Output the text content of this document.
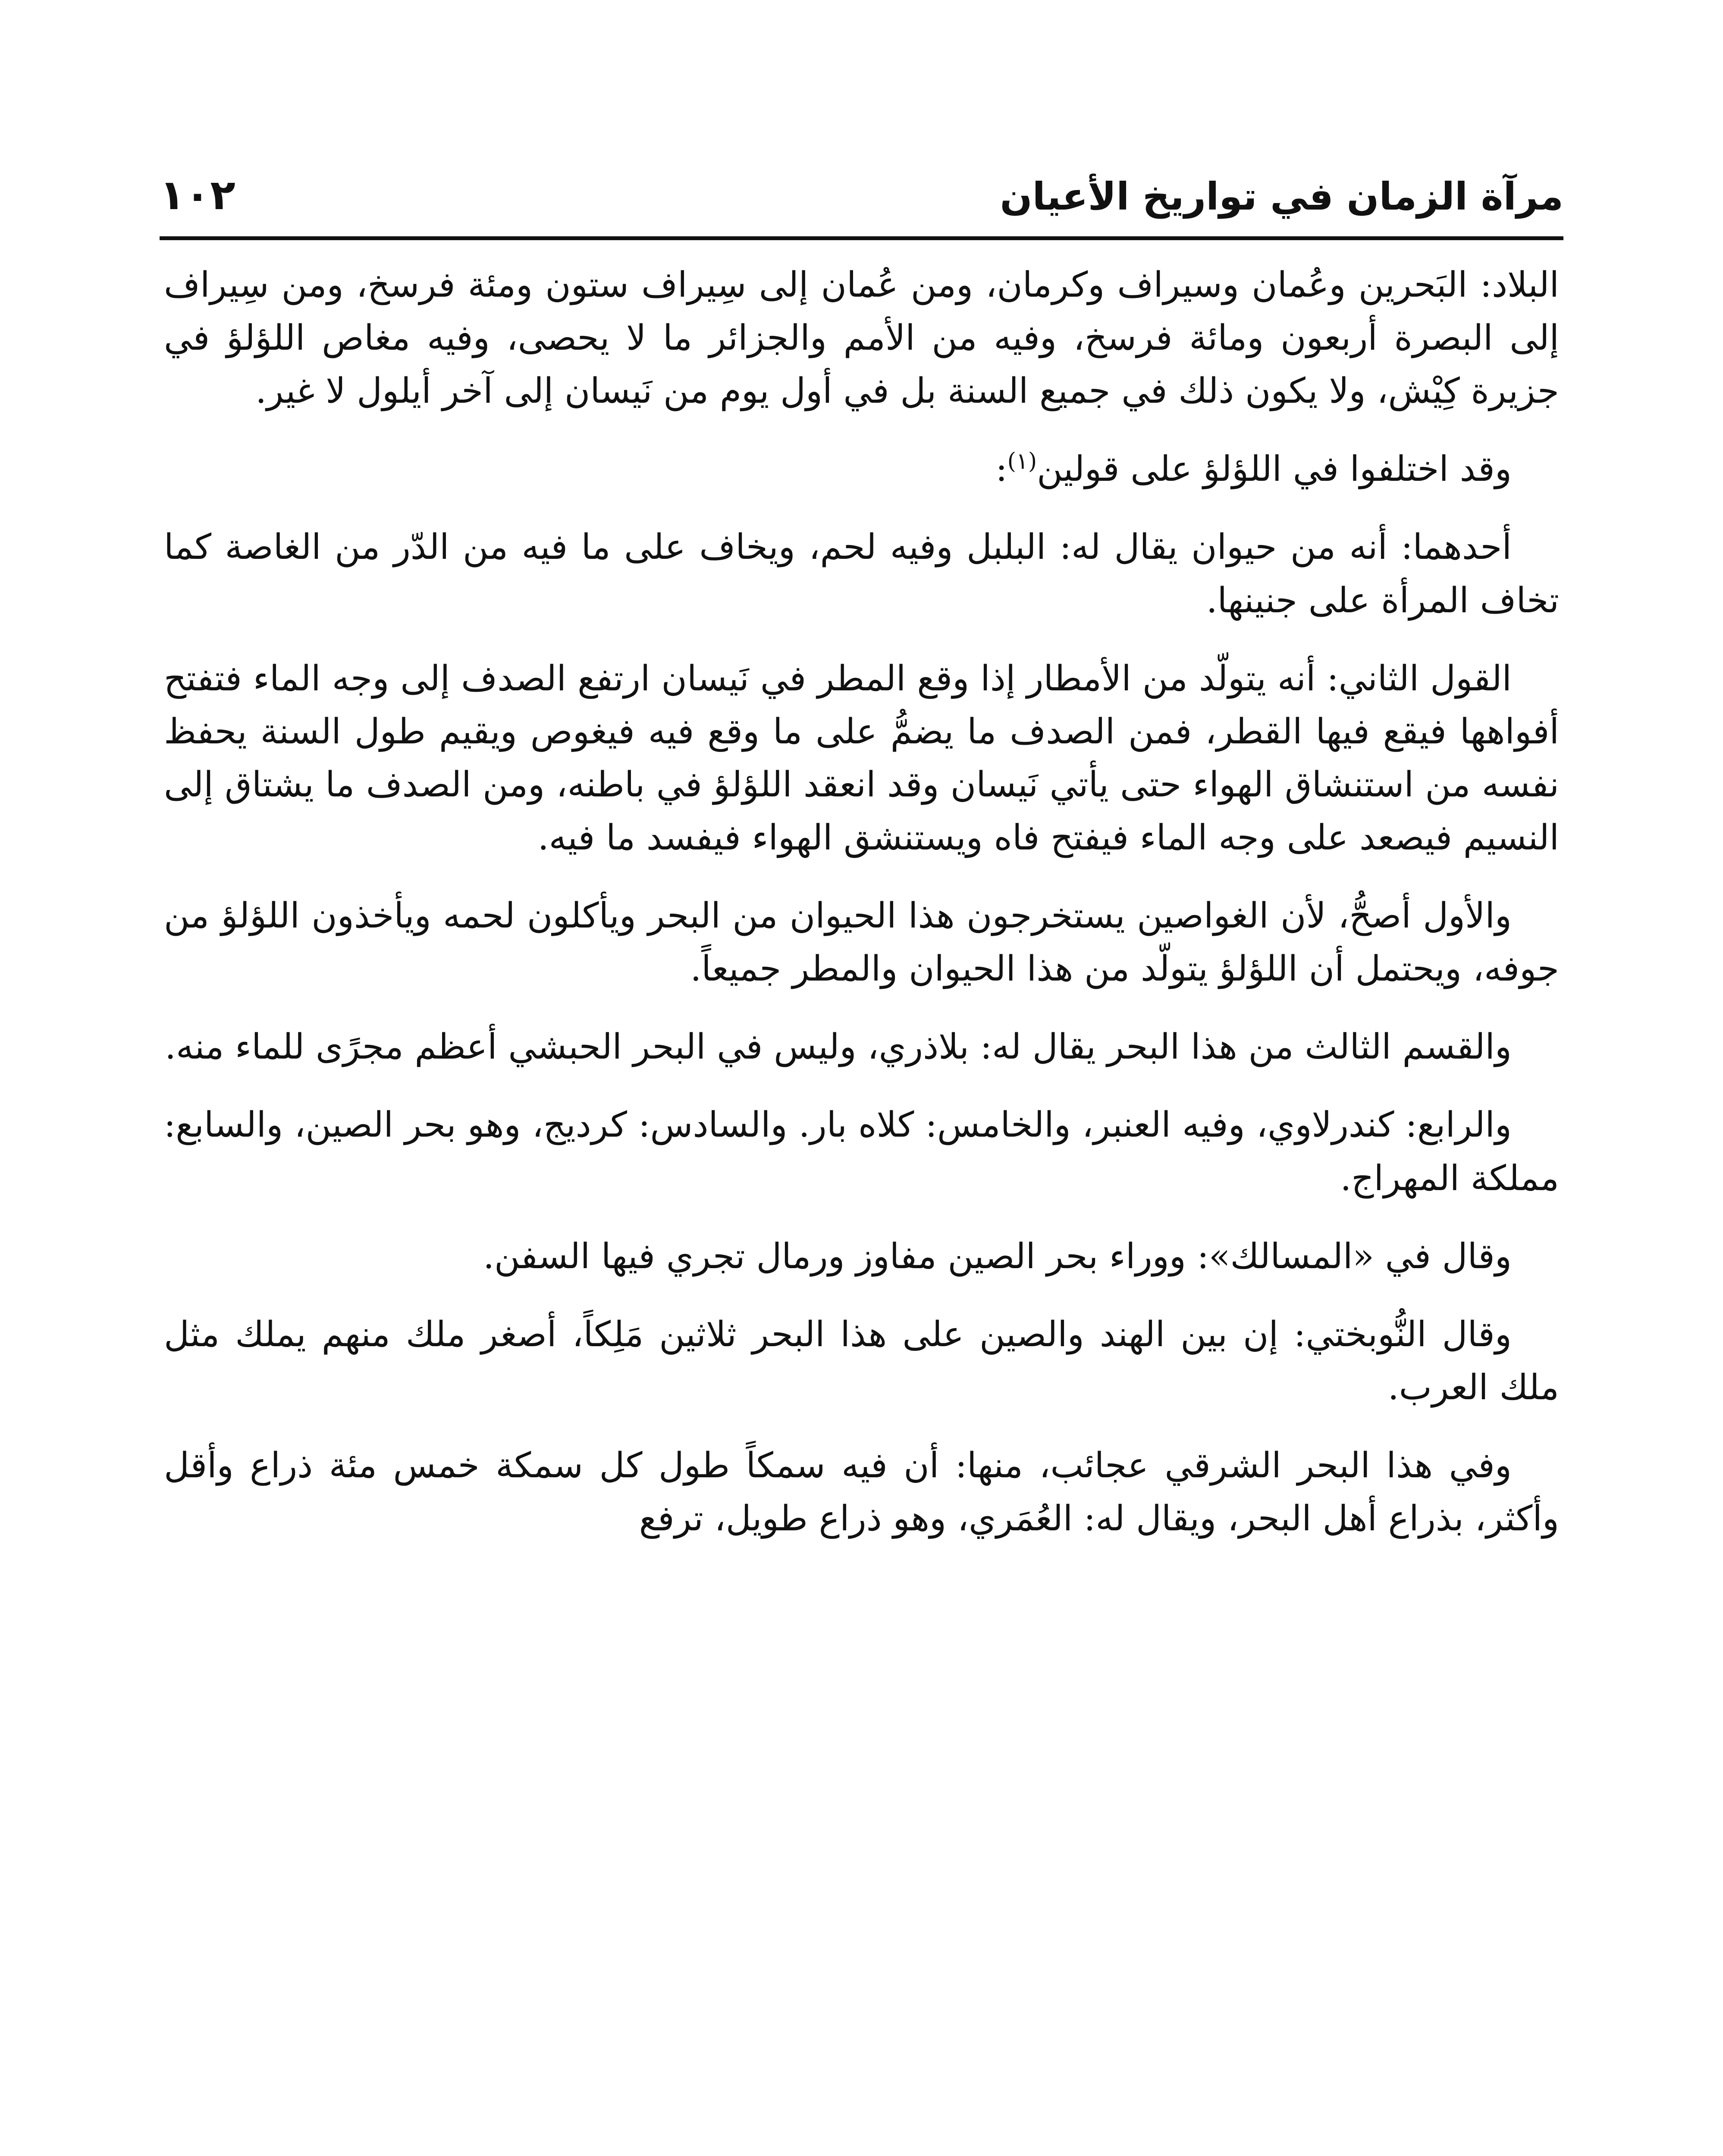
مرآة الزمان في تواريخ الأعيان
١٠٢

البلاد: البَحرين وعُمان وسيراف وكرمان، ومن عُمان إلى سِيراف ستون ومئة فرسخ، ومن سِيراف إلى البصرة أربعون ومائة فرسخ، وفيه من الأمم والجزائر ما لا يحصى، وفيه مغاص اللؤلؤ في جزيرة كِيْش، ولا يكون ذلك في جميع السنة بل في أول يوم من نَيسان إلى آخر أيلول لا غير.

وقد اختلفوا في اللؤلؤ على قولين$^{(١)}$:

أحدهما: أنه من حيوان يقال له: البلبل وفيه لحم، ويخاف على ما فيه من الدّر من الغاصة كما تخاف المرأة على جنينها.

القول الثاني: أنه يتولّد من الأمطار إذا وقع المطر في نَيسان ارتفع الصدف إلى وجه الماء فتفتح أفواهها فيقع فيها القطر، فمن الصدف ما يضمُّ على ما وقع فيه فيغوص ويقيم طول السنة يحفظ نفسه من استنشاق الهواء حتى يأتي نَيسان وقد انعقد اللؤلؤ في باطنه، ومن الصدف ما يشتاق إلى النسيم فيصعد على وجه الماء فيفتح فاه ويستنشق الهواء فيفسد ما فيه.

والأول أصحُّ، لأن الغواصين يستخرجون هذا الحيوان من البحر ويأكلون لحمه ويأخذون اللؤلؤ من جوفه، ويحتمل أن اللؤلؤ يتولّد من هذا الحيوان والمطر جميعاً.

والقسم الثالث من هذا البحر يقال له: بلاذري، وليس في البحر الحبشي أعظم مجرًى للماء منه.

والرابع: كندرلاوي، وفيه العنبر، والخامس: كلاه بار. والسادس: كرديج، وهو بحر الصين، والسابع: مملكة المهراج.

وقال في «المسالك»: ووراء بحر الصين مفاوز ورمال تجري فيها السفن.

وقال النُّوبختي: إن بين الهند والصين على هذا البحر ثلاثين مَلِكاً، أصغر ملك منهم يملك مثل ملك العرب.

وفي هذا البحر الشرقي عجائب، منها: أن فيه سمكاً طول كل سمكة خمس مئة ذراع وأقل وأكثر، بذراع أهل البحر، ويقال له: العُمَري، وهو ذراع طويل، ترفع
